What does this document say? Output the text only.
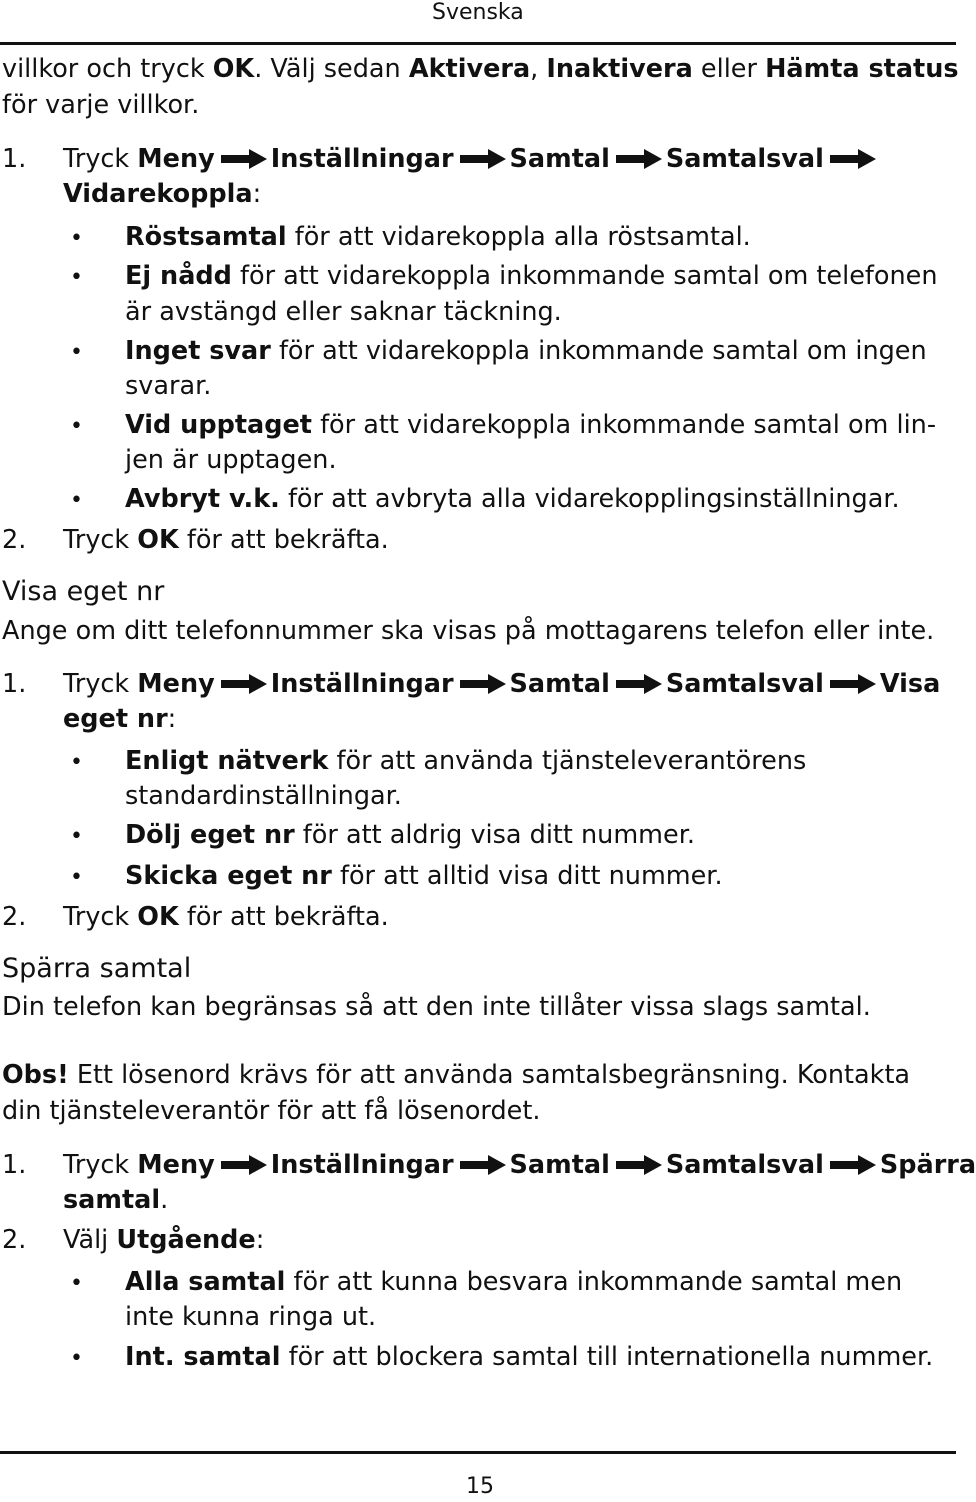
Svenska
villkor och tryck OK. Välj sedan Aktivera, Inaktivera eller Hämta status
för varje villkor.
1. Tryck Meny Inställningar Samtal Samtalsval
Vidarekoppla:
• Röstsamtal för att vidarekoppla alla röstsamtal.
• Ej nådd för att vidarekoppla inkommande samtal om telefonen
är avstängd eller saknar täckning.
• Inget svar för att vidarekoppla inkommande samtal om ingen
svarar.
• Vid upptaget för att vidarekoppla inkommande samtal om lin-
jen är upptagen.
• Avbryt v.k. för att avbryta alla vidarekopplingsinställningar.
2. Tryck OK för att bekräfta.
Visa eget nr
Ange om ditt telefonnummer ska visas på mottagarens telefon eller inte.
1. Tryck Meny Inställningar Samtal Samtalsval Visa
eget nr:
• Enligt nätverk för att använda tjänsteleverantörens
standardinställningar.
• Dölj eget nr för att aldrig visa ditt nummer.
• Skicka eget nr för att alltid visa ditt nummer.
2. Tryck OK för att bekräfta.
Spärra samtal
Din telefon kan begränsas så att den inte tillåter vissa slags samtal.
Obs! Ett lösenord krävs för att använda samtalsbegränsning. Kontakta
din tjänsteleverantör för att få lösenordet.
1. Tryck Meny Inställningar Samtal Samtalsval Spärra
samtal.
2. Välj Utgående:
• Alla samtal för att kunna besvara inkommande samtal men
inte kunna ringa ut.
• Int. samtal för att blockera samtal till internationella nummer.
15
